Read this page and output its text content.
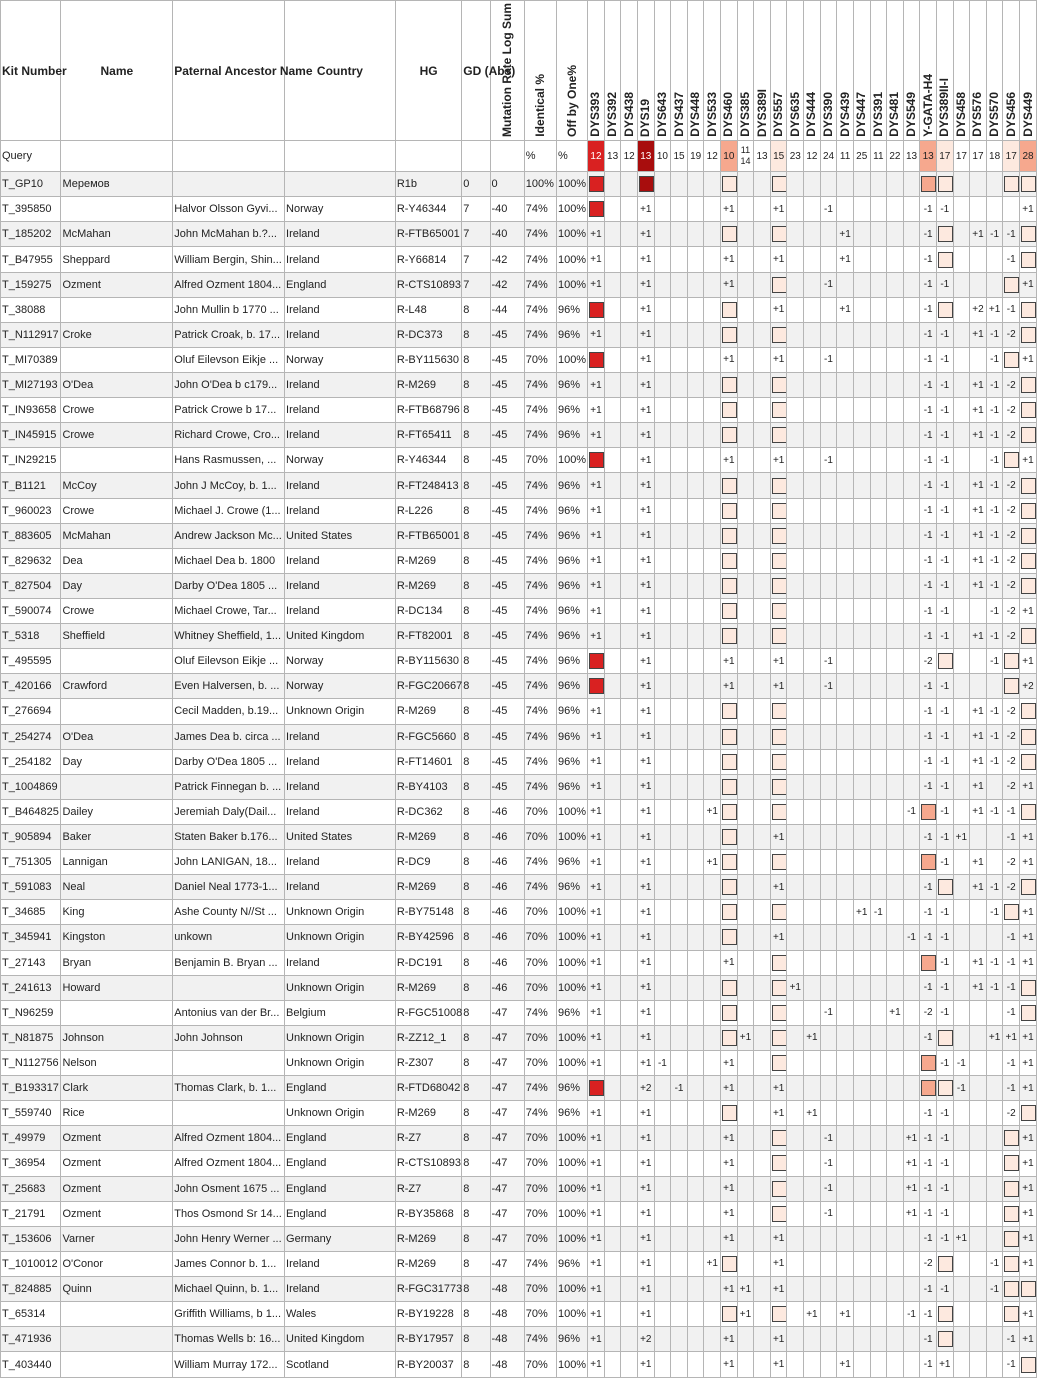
Kit Number	Name	Paternal Ancestor Name	Country	HG	GD (Abs)	Mutation Rate Log Sum	Identical %	Off by One%	DYS393	DYS392	DYS438	DYS19	DYS643	DYS437	DYS448	DYS533	DYS460	DYS385	DYS389I	DYS557	DYS635	DYS444	DYS390	DYS439	DYS447	DYS391	DYS481	DYS549	Y-GATA-H4	DYS389II-I	DYS458	DYS576	DYS570	DYS456	DYS449

Query							%	%	12	13	12	13	10	15	19	12	10	11 14	13	15	23	12	24	11	25	11	22	13	13	17	17	17	18	17	28
T_GP10	Меремов			R1b	0	0	100%	100%	

T_395850		Halvor Olsson Gyvi...	Norway	R-Y46344	7	-40	74%	100%				+1					+1			+1			-1						-1	-1					+1
T_185202	McMahan	John McMahan b.?...	Ireland	R-FTB65001	7	-40	74%	100%	+1			+1												+1					-1			+1	-1	-1	

T_B47955	Sheppard	William Bergin, Shin...	Ireland	R-Y66814	7	-42	74%	100%	+1			+1					+1			+1				+1					-1					-1	

T_159275	Ozment	Alfred Ozment 1804...	England	R-CTS10893	7	-42	74%	100%	+1			+1					+1						-1						-1	-1					+1
T_38088		John Mullin b 1770 ...	Ireland	R-L48	8	-44	74%	96%				+1								+1				+1					-1			+2	+1	-1	

T_N112917	Croke	Patrick Croak, b. 17...	Ireland	R-DC373	8	-45	74%	96%	+1			+1																	-1	-1		+1	-1	-2	

T_MI70389		Oluf Eilevson Eikje ...	Norway	R-BY115630	8	-45	70%	100%				+1					+1			+1			-1						-1	-1			-1		+1
T_MI27193	O'Dea	John O'Dea b c179...	Ireland	R-M269	8	-45	74%	96%	+1			+1																	-1	-1		+1	-1	-2	

T_IN93658	Crowe	Patrick Crowe b 17...	Ireland	R-FTB68796	8	-45	74%	96%	+1			+1																	-1	-1		+1	-1	-2	

T_IN45915	Crowe	Richard Crowe, Cro...	Ireland	R-FT65411	8	-45	74%	96%	+1			+1																	-1	-1		+1	-1	-2	

T_IN29215		Hans Rasmussen, ...	Norway	R-Y46344	8	-45	70%	100%				+1					+1			+1			-1						-1	-1			-1		+1
T_B1121	McCoy	John J McCoy, b. 1...	Ireland	R-FT248413	8	-45	74%	96%	+1			+1																	-1	-1		+1	-1	-2	

T_960023	Crowe	Michael J. Crowe (1...	Ireland	R-L226	8	-45	74%	96%	+1			+1																	-1	-1		+1	-1	-2	

T_883605	McMahan	Andrew Jackson Mc...	United States	R-FTB65001	8	-45	74%	96%	+1			+1																	-1	-1		+1	-1	-2	

T_829632	Dea	Michael Dea b. 1800	Ireland	R-M269	8	-45	74%	96%	+1			+1																	-1	-1		+1	-1	-2	

T_827504	Day	Darby O'Dea 1805 ...	Ireland	R-M269	8	-45	74%	96%	+1			+1																	-1	-1		+1	-1	-2	

T_590074	Crowe	Michael Crowe, Tar...	Ireland	R-DC134	8	-45	74%	96%	+1			+1																	-1	-1			-1	-2	+1
T_5318	Sheffield	Whitney Sheffield, 1...	United Kingdom	R-FT82001	8	-45	74%	96%	+1			+1																	-1	-1		+1	-1	-2	

T_495595		Oluf Eilevson Eikje ...	Norway	R-BY115630	8	-45	74%	96%				+1					+1			+1			-1						-2				-1		+1
T_420166	Crawford	Even Halversen, b. ...	Norway	R-FGC20667	8	-45	74%	96%				+1					+1			+1			-1						-1	-1					+2
T_276694		Cecil Madden, b.19...	Unknown Origin	R-M269	8	-45	74%	96%	+1			+1																	-1	-1		+1	-1	-2	

T_254274	O'Dea	James Dea b. circa ...	Ireland	R-FGC5660	8	-45	74%	96%	+1			+1																	-1	-1		+1	-1	-2	

T_254182	Day	Darby O'Dea 1805 ...	Ireland	R-FT14601	8	-45	74%	96%	+1			+1																	-1	-1		+1	-1	-2	

T_1004869		Patrick Finnegan b. ...	Ireland	R-BY4103	8	-45	74%	96%	+1			+1																	-1	-1		+1		-2	+1
T_B464825	Dailey	Jeremiah Daly(Dail...	Ireland	R-DC362	8	-46	70%	100%	+1			+1				+1												-1		-1		+1	-1	-1	

T_905894	Baker	Staten Baker b.176...	United States	R-M269	8	-46	70%	100%	+1			+1								+1									-1	-1	+1			-1	+1
T_751305	Lannigan	John LANIGAN, 18...	Ireland	R-DC9	8	-46	74%	96%	+1			+1				+1														-1		+1		-2	+1
T_591083	Neal	Daniel Neal 1773-1...	Ireland	R-M269	8	-46	74%	96%	+1			+1								+1									-1			+1	-1	-2	

T_34685	King	Ashe County N//St ...	Unknown Origin	R-BY75148	8	-46	70%	100%	+1			+1													+1	-1			-1	-1			-1		+1
T_345941	Kingston	unkown	Unknown Origin	R-BY42596	8	-46	70%	100%	+1			+1								+1								-1	-1	-1				-1	+1
T_27143	Bryan	Benjamin B. Bryan ...	Ireland	R-DC191	8	-46	70%	100%	+1			+1					+1													-1		+1	-1	-1	+1
T_241613	Howard		Unknown Origin	R-M269	8	-46	70%	100%	+1			+1									+1								-1	-1		+1	-1	-1	

T_N96259		Antonius van der Br...	Belgium	R-FGC51008	8	-47	74%	96%	+1			+1											-1				+1		-2	-1				-1	

T_N81875	Johnson	John Johnson	Unknown Origin	R-ZZ12_1	8	-47	70%	100%	+1			+1						+1				+1							-1				+1	+1	+1
T_N112756	Nelson		Unknown Origin	R-Z307	8	-47	70%	100%	+1			+1	-1				+1													-1	-1			-1	+1
T_B193317	Clark	Thomas Clark, b. 1...	England	R-FTD68042	8	-47	74%	96%				+2		-1			+1			+1											-1			-1	+1
T_559740	Rice		Unknown Origin	R-M269	8	-47	74%	96%	+1			+1								+1		+1							-1	-1				-2	

T_49979	Ozment	Alfred Ozment 1804...	England	R-Z7	8	-47	70%	100%	+1			+1					+1						-1					+1	-1	-1					+1
T_36954	Ozment	Alfred Ozment 1804...	England	R-CTS10893	8	-47	70%	100%	+1			+1					+1						-1					+1	-1	-1					+1
T_25683	Ozment	John Osment 1675 ...	England	R-Z7	8	-47	70%	100%	+1			+1					+1						-1					+1	-1	-1					+1
T_21791	Ozment	Thos Osmond Sr 14...	England	R-BY35868	8	-47	70%	100%	+1			+1					+1						-1					+1	-1	-1					+1
T_153606	Varner	John Henry Werner ...	Germany	R-M269	8	-47	70%	100%	+1			+1					+1			+1									-1	-1	+1				+1
T_1010012	O'Conor	James Connor b. 1...	Ireland	R-M269	8	-47	74%	96%	+1			+1				+1				+1									-2				-1		+1
T_824885	Quinn	Michael Quinn, b. 1...	Ireland	R-FGC31773	8	-48	70%	100%	+1			+1					+1	+1		+1									-1	-1			-1	

T_65314		Griffith Williams, b 1...	Wales	R-BY19228	8	-48	70%	100%	+1			+1						+1				+1		+1				-1	-1						+1
T_471936		Thomas Wells b: 16...	United Kingdom	R-BY17957	8	-48	74%	96%	+1			+2					+1			+1									-1					-1	+1
T_403440		William Murray 172...	Scotland	R-BY20037	8	-48	70%	100%	+1			+1					+1			+1				+1					-1	+1				-1	
